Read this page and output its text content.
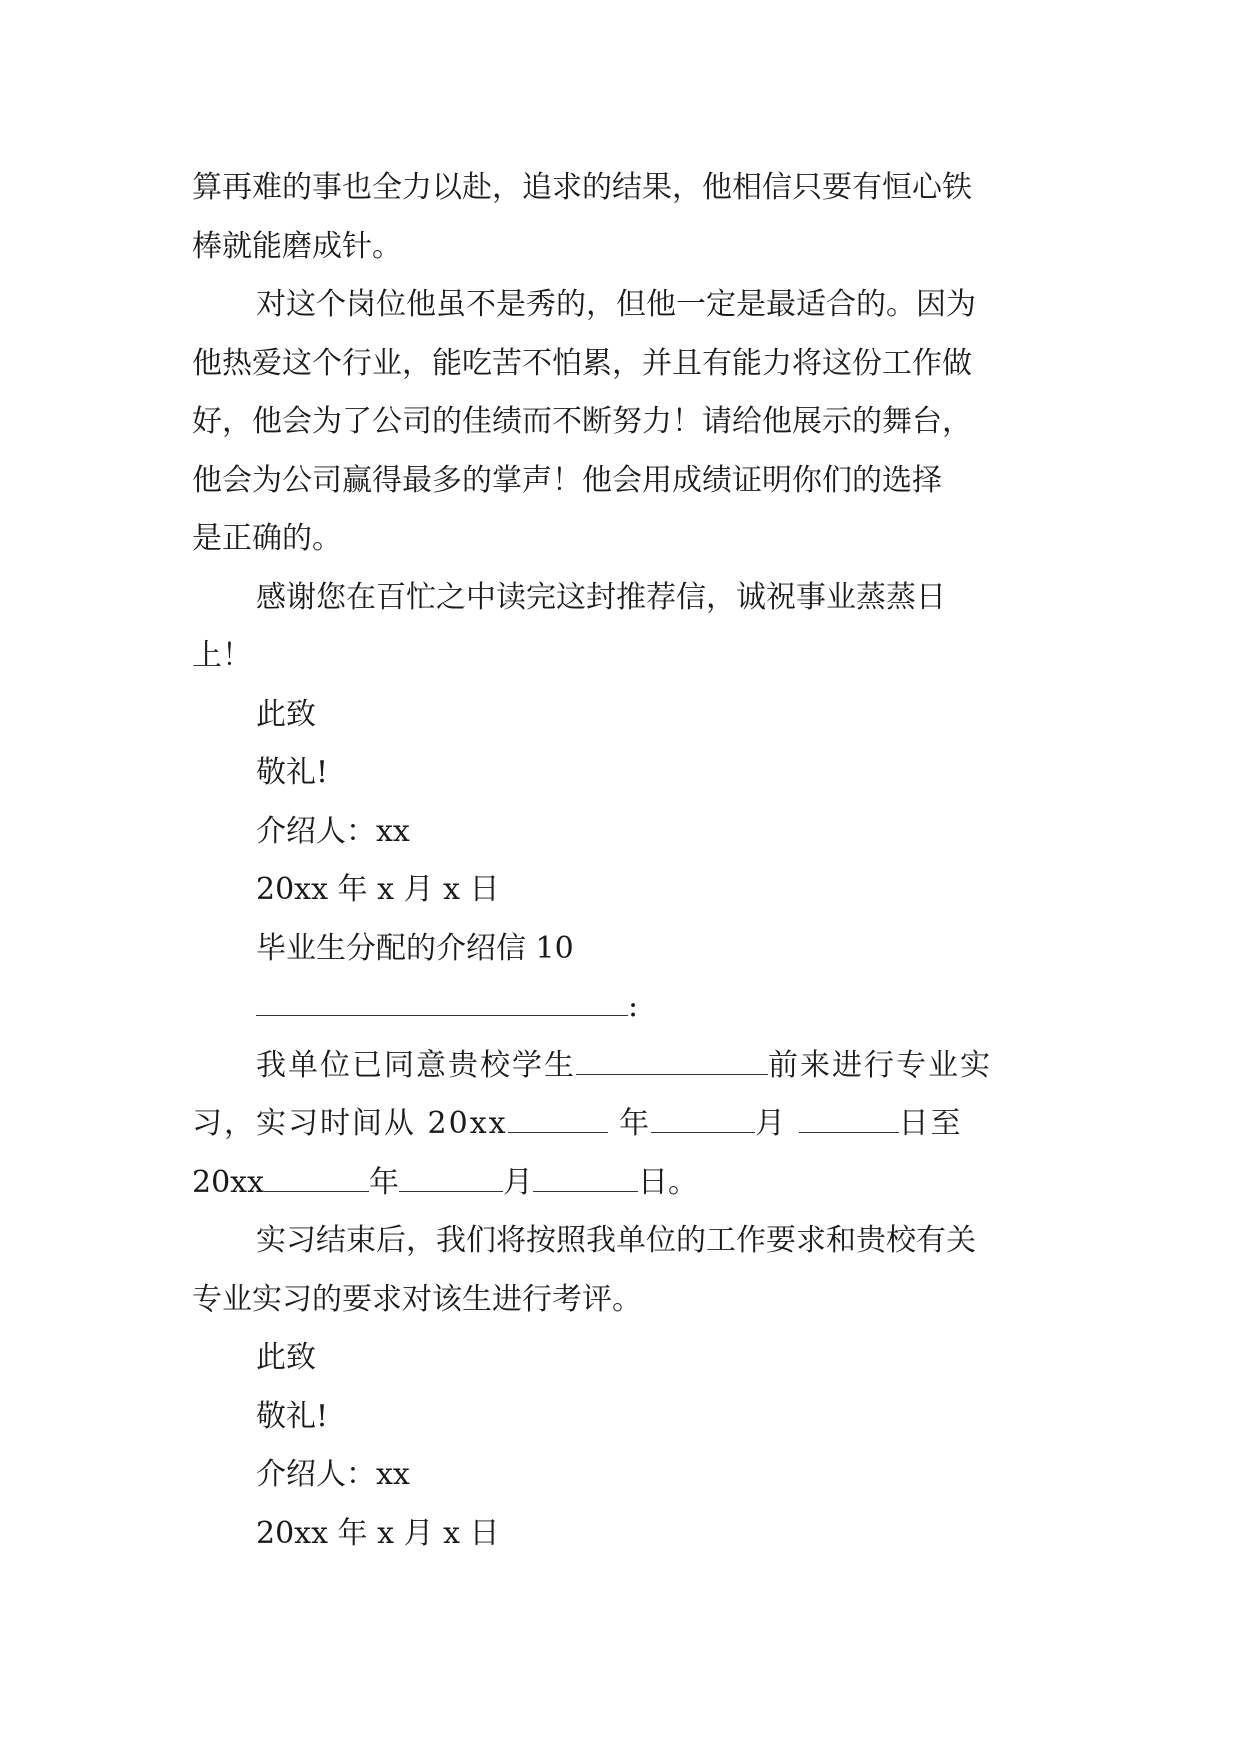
算再难的事也全力以赴，追求的结果，他相信只要有恒心铁
棒就能磨成针。
对这个岗位他虽不是秀的，但他一定是最适合的。因为
他热爱这个行业，能吃苦不怕累，并且有能力将这份工作做
好，他会为了公司的佳绩而不断努力！请给他展示的舞台，
他会为公司赢得最多的掌声！他会用成绩证明你们的选择
是正确的。
感谢您在百忙之中读完这封推荐信，诚祝事业蒸蒸日
上！
此致
敬礼!
介绍人：xx
20xx 年 x 月 x 日
毕业生分配的介绍信 10
:
我单位已同意贵校学生	前来进行专业实
习，实习时间从 20xx	年	月	日至
20xx	年	月	日。
实习结束后，我们将按照我单位的工作要求和贵校有关
专业实习的要求对该生进行考评。
此致
敬礼!
介绍人：xx
20xx 年 x 月 x 日
